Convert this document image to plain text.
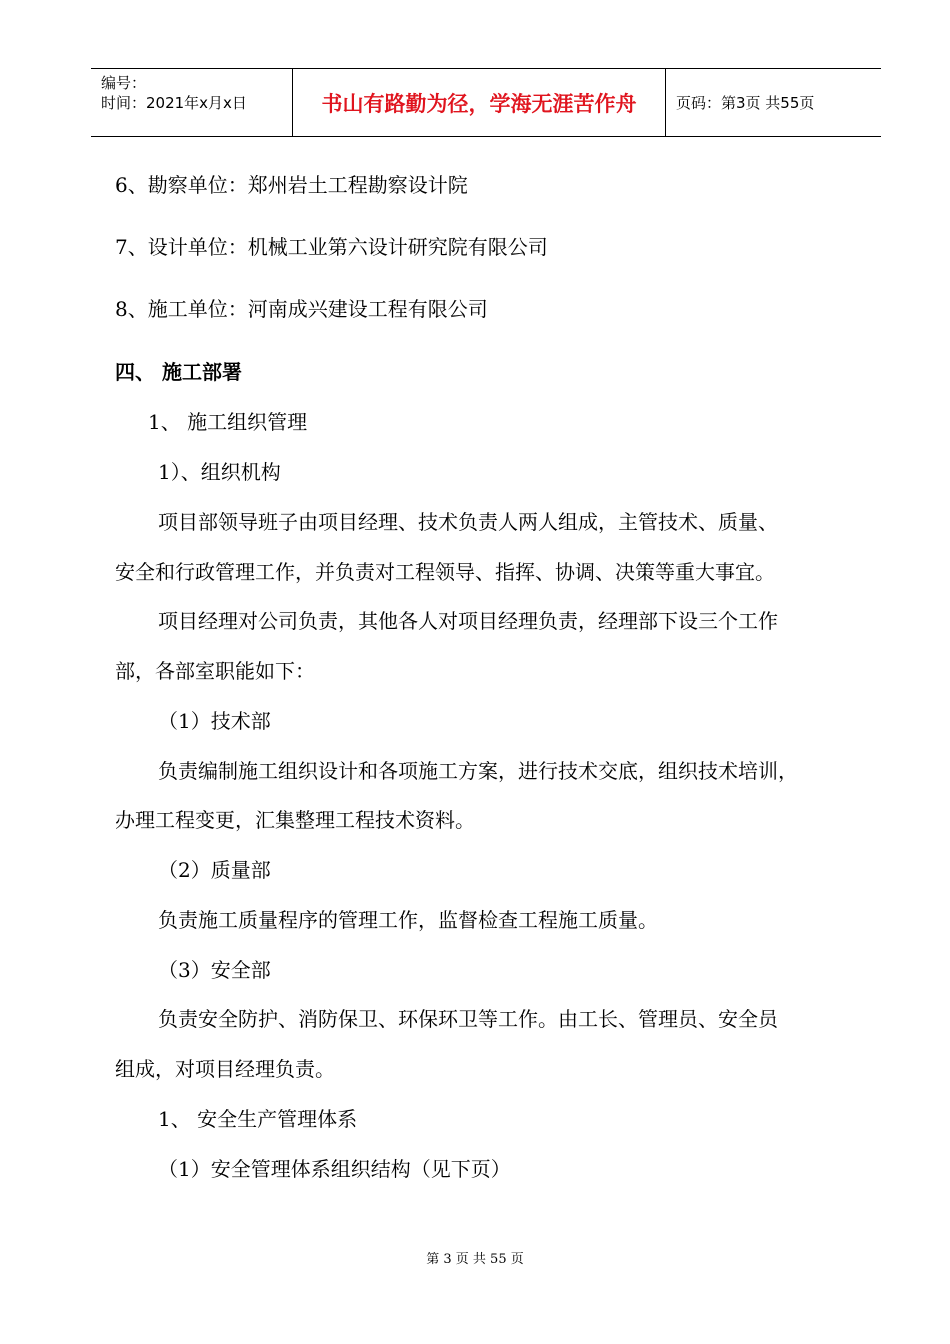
编号：
时间：2021年x月x日	书山有路勤为径，学海无涯苦作舟	页码：第3页 共55页
6、勘察单位：郑州岩土工程勘察设计院
7、设计单位：机械工业第六设计研究院有限公司
8、施工单位：河南成兴建设工程有限公司
四、 施工部署
1、 施工组织管理
1）、组织机构
项目部领导班子由项目经理、技术负责人两人组成，主管技术、质量、
安全和行政管理工作，并负责对工程领导、指挥、协调、决策等重大事宜。
项目经理对公司负责，其他各人对项目经理负责，经理部下设三个工作
部，各部室职能如下：
（1）技术部
负责编制施工组织设计和各项施工方案，进行技术交底，组织技术培训，
办理工程变更，汇集整理工程技术资料。
（2）质量部
负责施工质量程序的管理工作，监督检查工程施工质量。
（3）安全部
负责安全防护、消防保卫、环保环卫等工作。由工长、管理员、安全员
组成，对项目经理负责。
1、 安全生产管理体系
（1）安全管理体系组织结构（见下页）
第 3 页 共 55 页
